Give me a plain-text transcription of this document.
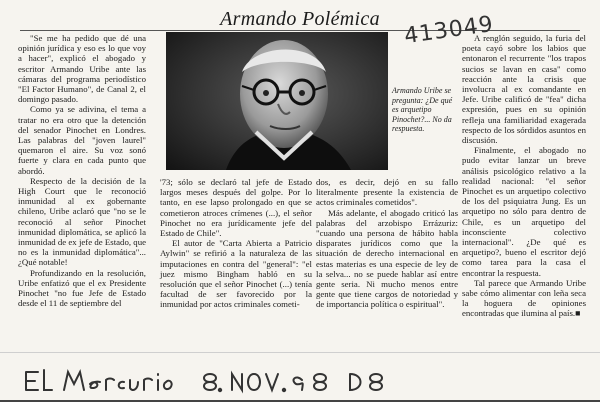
Armando Polémica	413049

"Se me ha pedido que dé una opinión jurídica y eso es lo que voy a hacer", explicó el abogado y escritor Armando Uribe ante las cámaras del programa periodístico "El Factor Humano", de Canal 2, el domingo pasado.

Como ya se adivina, el tema a tratar no era otro que la detención del senador Pinochet en Londres. Las palabras del "joven laurel" quemaron el aire. Su voz sonó fuerte y clara en cada punto que abordó.

Respecto de la decisión de la High Court que le reconoció inmunidad al ex gobernante chileno, Uribe aclaró que "no se le reconoció al señor Pinochet inmunidad diplomática, se aplicó la inmunidad de ex jefe de Estado, que no es la inmunidad diplomática"... ¿Qué notable!

Profundizando en la resolución, Uribe enfatizó que el ex Presidente Pinochet "no fue Jefe de Estado desde el 11 de septiembre del

Armando Uribe se pregunta: ¿De qué es arquetipo Pinochet?... No da respuesta.

'73; sólo se declaró tal jefe de Estado largos meses después del golpe. Por lo tanto, en ese lapso prolongado en que se cometieron atroces crímenes (...), el señor Pinochet no era jurídicamente jefe del Estado de Chile".

El autor de "Carta Abierta a Patricio Aylwin" se refirió a la naturaleza de las imputaciones en contra del "general": "el juez mismo Bingham habló en su resolución que el señor Pinochet (...) tenía facultad de ser favorecido por la inmunidad por actos criminales cometi-

dos, es decir, dejó en su fallo literalmente presente la existencia de actos criminales cometidos".

Más adelante, el abogado criticó las palabras del arzobispo Errázuriz: "cuando una persona de hábito habla disparates jurídicos como que la situación de derecho internacional en estas materias es una especie de ley de la selva... no se puede hablar así entre gente seria. Ni mucho menos entre gente que tiene cargos de notoriedad y de importancia política o espiritual".

A renglón seguido, la furia del poeta cayó sobre los labios que entonaron el recurrente "los trapos sucios se lavan en casa" como reacción ante la crisis que involucra al ex comandante en Jefe. Uribe calificó de "fea" dicha expresión, pues en su opinión refleja una familiaridad exagerada respecto de los sórdidos asuntos en discusión.

Finalmente, el abogado no pudo evitar lanzar un breve análisis psicológico relativo a la realidad nacional: "el señor Pinochet es un arquetipo colectivo de los del psiquiatra Jung. Es un arquetipo no sólo para dentro de Chile, es un arquetipo del inconsciente colectivo internacional". ¿De qué es arquetipo?, bueno el escritor dejó como tarea para la casa el encontrar la respuesta.

Tal parece que Armando Uribe sabe cómo alimentar con leña seca la hoguera de opiniones encontradas que ilumina al país.■
